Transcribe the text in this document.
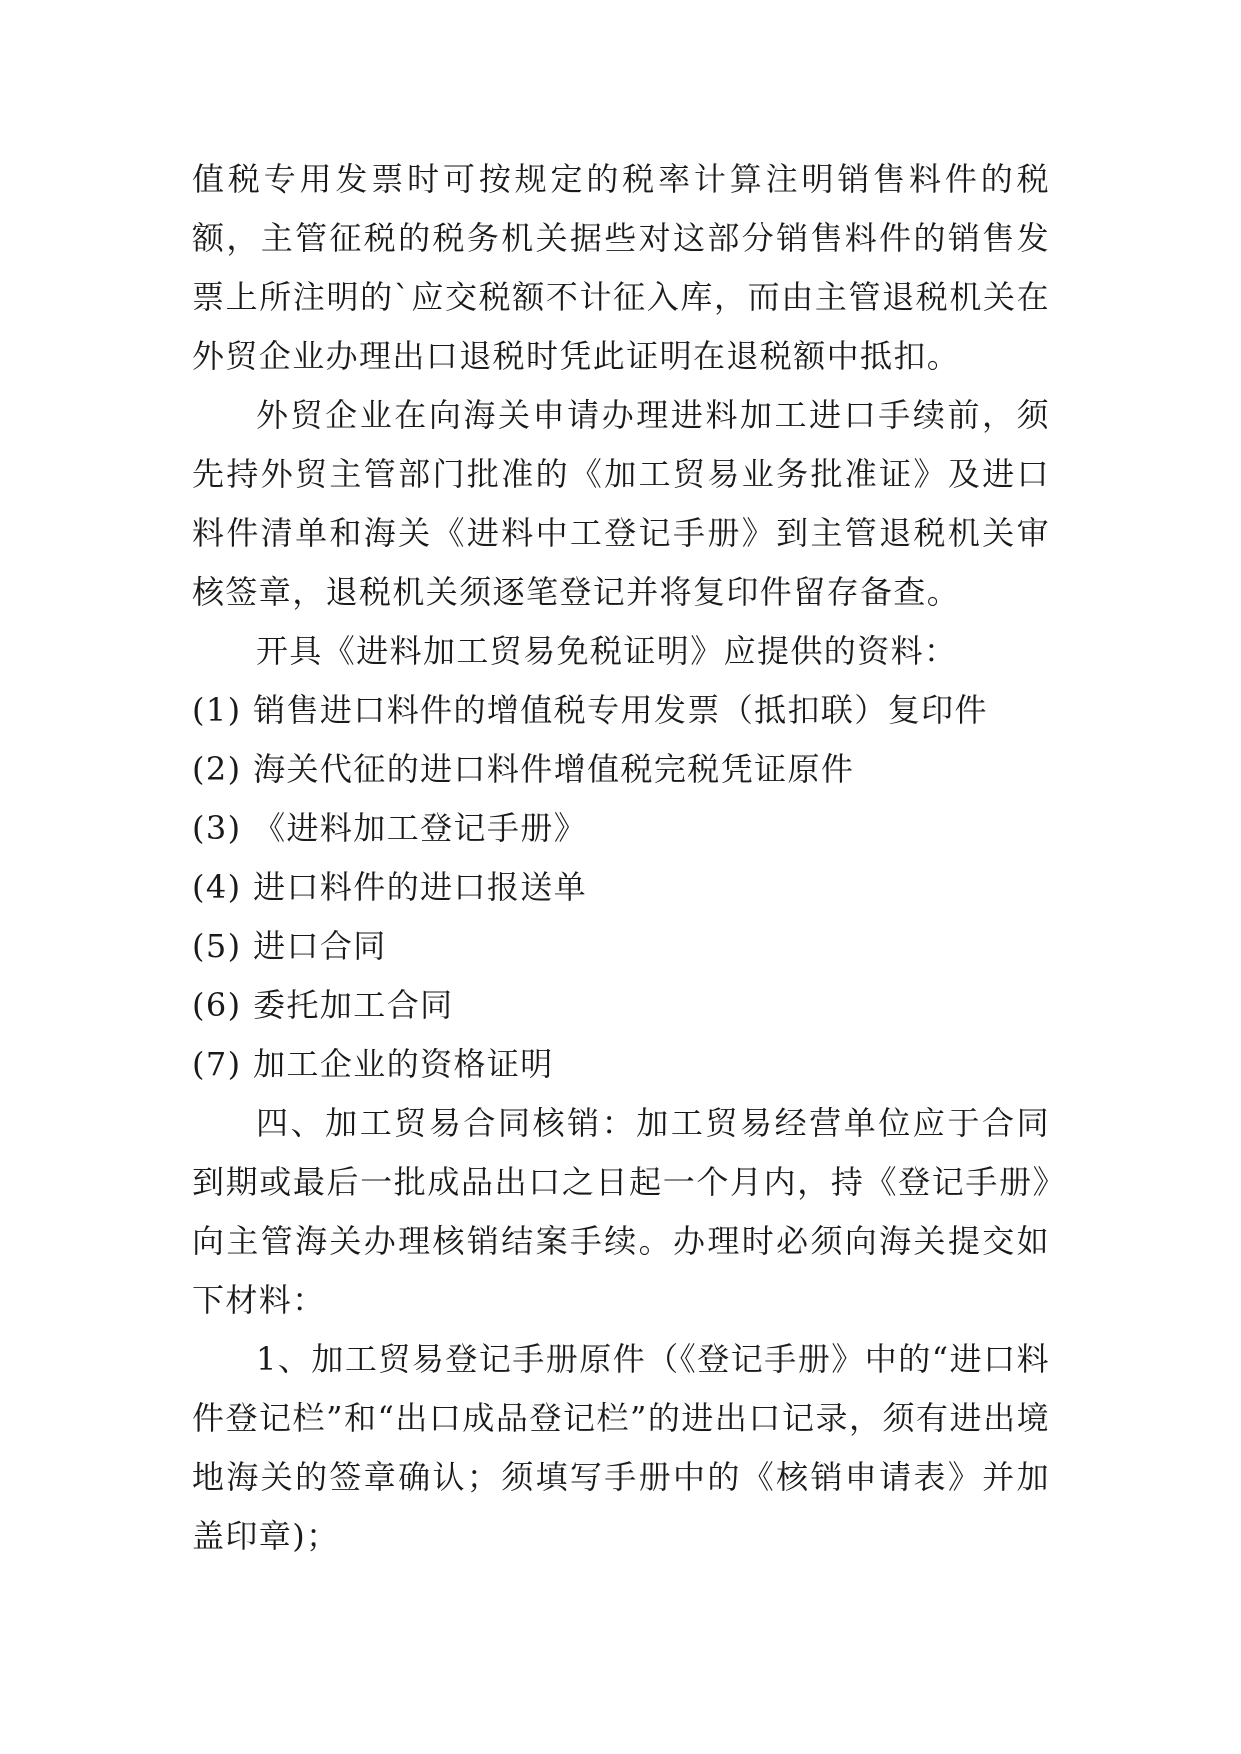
值税专用发票时可按规定的税率计算注明销售料件的税额，主管征税的税务机关据些对这部分销售料件的销售发票上所注明的`应交税额不计征入库，而由主管退税机关在外贸企业办理出口退税时凭此证明在退税额中抵扣。

外贸企业在向海关申请办理进料加工进口手续前，须先持外贸主管部门批准的《加工贸易业务批准证》及进口料件清单和海关《进料中工登记手册》到主管退税机关审核签章，退税机关须逐笔登记并将复印件留存备查。

开具《进料加工贸易免税证明》应提供的资料：

(1) 销售进口料件的增值税专用发票（抵扣联）复印件

(2) 海关代征的进口料件增值税完税凭证原件

(3) 《进料加工登记手册》

(4) 进口料件的进口报送单

(5) 进口合同

(6) 委托加工合同

(7) 加工企业的资格证明

四、加工贸易合同核销：加工贸易经营单位应于合同到期或最后一批成品出口之日起一个月内，持《登记手册》向主管海关办理核销结案手续。办理时必须向海关提交如下材料：

1、加工贸易登记手册原件（《登记手册》中的“进口料件登记栏”和“出口成品登记栏”的进出口记录，须有进出境地海关的签章确认；须填写手册中的《核销申请表》并加盖印章)；
